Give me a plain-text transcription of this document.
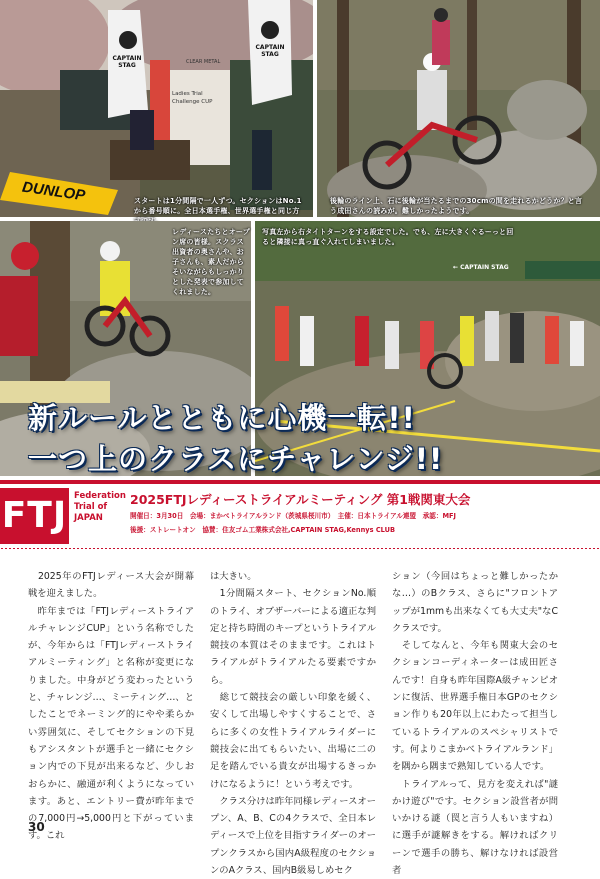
DUNLOP
CAPTAIN STAG
CAPTAIN STAG
CLEAR METAL
Ladies Trial Challenge CUP
スタートは1分間隔で一人ずつ。セクションはNo.1から番号順に。全日本選手権、世界選手権と同じ方
後輪のライン上、石に後輪が当たるまでの30cmの間を走れるかどうか？と言う成田さんの読みが。難しかったようです。
レディースたちとオープン席の皆様。スクラス出資者の奥さんや、お子さんも、素人だからそいながらもしっかりとした発表で参加してくれました。
← CAPTAIN STAG
写真左から右タイトターンをする設定でした。でも、左に大きくぐるーっと回ると隣接に真っ直ぐ入れてしまいました。
新ルールとともに心機一転!!
一つ上のクラスにチャレンジ!!
FTJ Federation
Trial of
JAPAN
2025FTJレディーストライアルミーティング 第1戦関東大会
開催日：3月30日　会場：まかべトライアルランド（茨城県桜川市）　主催：日本トライアル連盟　承認：MFJ
後援：ストレートオン　協賛：住友ゴム工業株式会社,CAPTAIN STAG,Kennys CLUB
　2025年のFTJレディース大会が開幕戦を迎えました。
　昨年までは「FTJレディーストライアルチャレンジCUP」という名称でしたが、今年からは「FTJレディーストライアルミーティング」と名称が変更になりました。中身がどう変わったというと、チャレンジ…、ミーティング…、としたことでネーミング的にやや柔らかい雰囲気に、そしてセクションの下見もアシスタントが選手と一緒にセクション内での下見が出来るなど、少しおおらかに、融通が利くようになっています。あと、エントリー費が昨年までの7,000円→5,000円と下がっています。これ
は大きい。
　1分間隔スタート、セクションNo.順のトライ、オブザーバーによる適正な判定と持ち時間のキープというトライアル競技の本質はそのままです。これはトライアルがトライアルたる要素ですから。
　総じて競技会の厳しい印象を緩く、安くして出場しやすくすることで、さらに多くの女性トライアルライダーに競技会に出てもらいたい、出場に二の足を踏んでいる貴女が出場するきっかけになるように！という考えです。
　クラス分けは昨年同様レディースオープン、A、B、Cの4クラスで、全日本レディースで上位を目指すライダーのオープンクラスから国内A級程度のセクションのAクラス、国内B級易しめセク
ション（今回はちょっと難しかったかな…）のBクラス、さらに"フロントアップが1mmも出来なくても大丈夫"なCクラスです。
　そしてなんと、今年も関東大会のセクションコーディネーターは成田匠さんです！自身も昨年国際A級チャンピオンに復活、世界選手権日本GPのセクション作りも20年以上にわたって担当しているトライアルのスペシャリストです。何よりこまかべトライアルランド」を隅から隅まで熟知している人です。
　トライアルって、見方を変えれば"謎かけ遊び"です。セクション設営者が問いかける謎（罠と言う人もいますね）に選手が謎解きをする。解ければクリーンで選手の勝ち、解けなければ設営者
30
